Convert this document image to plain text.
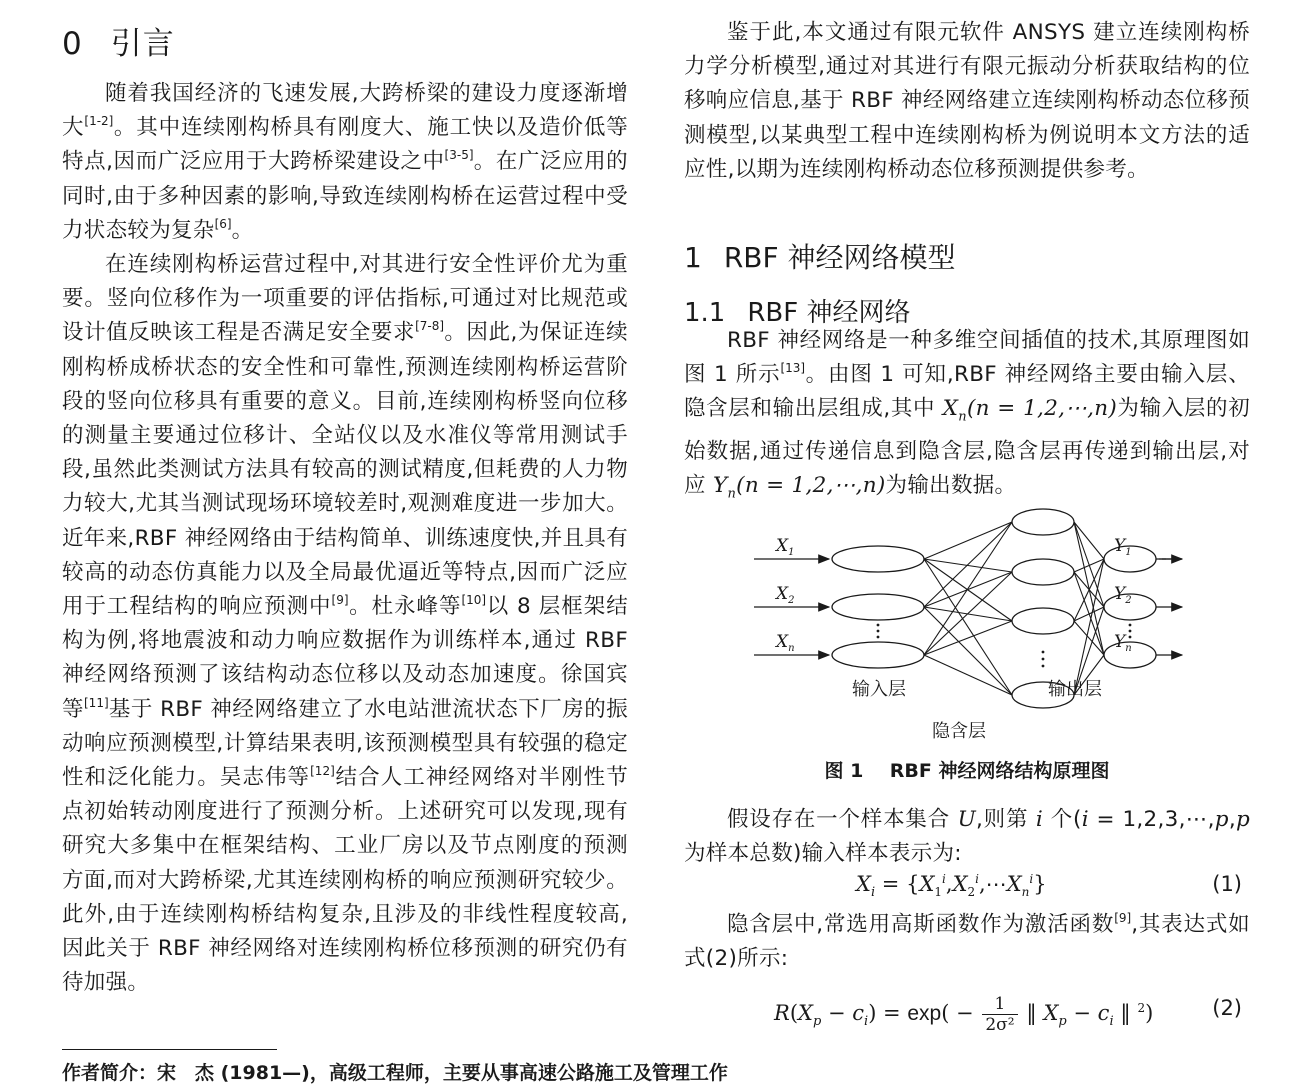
0 引言

随着我国经济的飞速发展,大跨桥梁的建设力度逐渐增大[1-2]。其中连续刚构桥具有刚度大、施工快以及造价低等特点,因而广泛应用于大跨桥梁建设之中[3-5]。在广泛应用的同时,由于多种因素的影响,导致连续刚构桥在运营过程中受力状态较为复杂[6]。

在连续刚构桥运营过程中,对其进行安全性评价尤为重要。竖向位移作为一项重要的评估指标,可通过对比规范或设计值反映该工程是否满足安全要求[7-8]。因此,为保证连续刚构桥成桥状态的安全性和可靠性,预测连续刚构桥运营阶段的竖向位移具有重要的意义。目前,连续刚构桥竖向位移的测量主要通过位移计、全站仪以及水准仪等常用测试手段,虽然此类测试方法具有较高的测试精度,但耗费的人力物力较大,尤其当测试现场环境较差时,观测难度进一步加大。近年来,RBF 神经网络由于结构简单、训练速度快,并且具有较高的动态仿真能力以及全局最优逼近等特点,因而广泛应用于工程结构的响应预测中[9]。杜永峰等[10]以 8 层框架结构为例,将地震波和动力响应数据作为训练样本,通过 RBF 神经网络预测了该结构动态位移以及动态加速度。徐国宾等[11]基于 RBF 神经网络建立了水电站泄流状态下厂房的振动响应预测模型,计算结果表明,该预测模型具有较强的稳定性和泛化能力。吴志伟等[12]结合人工神经网络对半刚性节点初始转动刚度进行了预测分析。上述研究可以发现,现有研究大多集中在框架结构、工业厂房以及节点刚度的预测方面,而对大跨桥梁,尤其连续刚构桥的响应预测研究较少。此外,由于连续刚构桥结构复杂,且涉及的非线性程度较高,因此关于 RBF 神经网络对连续刚构桥位移预测的研究仍有待加强。

鉴于此,本文通过有限元软件 ANSYS 建立连续刚构桥力学分析模型,通过对其进行有限元振动分析获取结构的位移响应信息,基于 RBF 神经网络建立连续刚构桥动态位移预测模型,以某典型工程中连续刚构桥为例说明本文方法的适应性,以期为连续刚构桥动态位移预测提供参考。

1 RBF 神经网络模型
1.1 RBF 神经网络

RBF 神经网络是一种多维空间插值的技术,其原理图如图 1 所示[13]。由图 1 可知,RBF 神经网络主要由输入层、隐含层和输出层组成,其中 $X_n(n$ = 1,2,⋯,n)为输入层的初始数据,通过传递信息到隐含层,隐含层再传递到输出层,对应 $Y_n(n$ = 1,2,⋯,n)为输出数据。

$X_1$
$X_2$
$X_n$
$Y_1$
$Y_2$
$Y_n$
输入层
隐含层
输出层

图 1 RBF 神经网络结构原理图

假设存在一个样本集合 U,则第 i 个(i = 1,2,3,⋯,p,p 为样本总数)输入样本表示为:

$X_i$ = $\{X_1^i,X_2^i,\cdots X_n^i\}$	(1)

隐含层中,常选用高斯函数作为激活函数[9],其表达式如式(2)所示:

$R(X_p - c_i) = \exp( - \frac{1}{\text{2σ²}}$ ‖ $X_p - c_i$ ‖ $^2$)	(2)
作者简介：宋　杰 (1981—)，高级工程师，主要从事高速公路施工及管理工作
